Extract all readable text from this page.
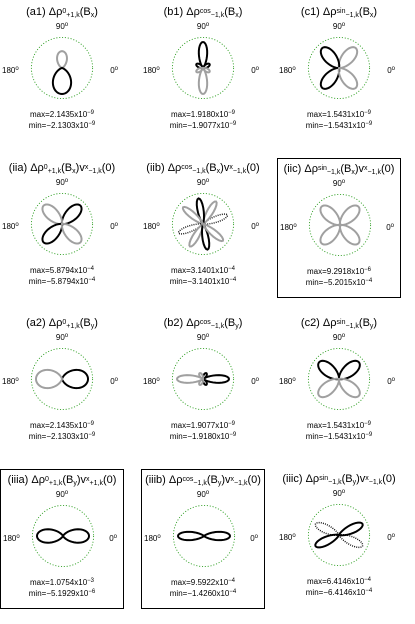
(a1) $\Delta\rho^0_{+1,k}(B_x)$
90$^o$
180$^o$	0$^o$
$\max=2.1435x10^{-9}$
$\min=-2.1303x10^{-9}$
(b1) $\Delta\rho^{cos}_{-1,k}(B_x)$
90$^o$
180$^o$	0$^o$
$\max=1.9180x10^{-9}$
$\min=-1.9077x10^{-9}$
(c1) $\Delta\rho^{sin}_{-1,k}(B_x)$
90$^o$
180$^o$	0$^o$
$\max=1.5431x10^{-9}$
$\min=-1.5431x10^{-9}$
(iia) $\Delta\rho^0_{+1,k}(B_x)v^x_{-1,k}(0)$
90$^o$
180$^o$	0$^o$
$\max=5.8794x10^{-4}$
$\min=-5.8794x10^{-4}$
(iib) $\Delta\rho^{cos}_{-1,k}(B_x)v^x_{-1,k}(0)$
90$^o$
180$^o$	0$^o$
$\max=3.1401x10^{-4}$
$\min=-3.1401x10^{-4}$
(iic) $\Delta\rho^{sin}_{-1,k}(B_x)v^x_{-1,k}(0)$
90$^o$
180$^o$	0$^o$
$\max=9.2918x10^{-6}$
$\min=-5.2015x10^{-4}$
(a2) $\Delta\rho^0_{+1,k}(B_y)$
90$^o$
180$^o$	0$^o$
$\max=2.1435x10^{-9}$
$\min=-2.1303x10^{-9}$
(b2) $\Delta\rho^{cos}_{-1,k}(B_y)$
90$^o$
180$^o$	0$^o$
$\max=1.9077x10^{-9}$
$\min=-1.9180x10^{-9}$
(c2) $\Delta\rho^{sin}_{-1,k}(B_y)$
90$^o$
180$^o$	0$^o$
$\max=1.5431x10^{-9}$
$\min=-1.5431x10^{-9}$
(iiia) $\Delta\rho^0_{+1,k}(B_y)v^x_{+1,k}(0)$
90$^o$
180$^o$	0$^o$
$\max=1.0754x10^{-3}$
$\min=-5.1929x10^{-6}$
(iiib) $\Delta\rho^{cos}_{-1,k}(B_y)v^x_{-1,k}(0)$
90$^o$
180$^o$	0$^o$
$\max=9.5922x10^{-4}$
$\min=-1.4260x10^{-4}$
(iiic) $\Delta\rho^{sin}_{-1,k}(B_y)v^x_{-1,k}(0)$
90$^o$
180$^o$	0$^o$
$\max=6.4146x10^{-4}$
$\min=-6.4146x10^{-4}$
